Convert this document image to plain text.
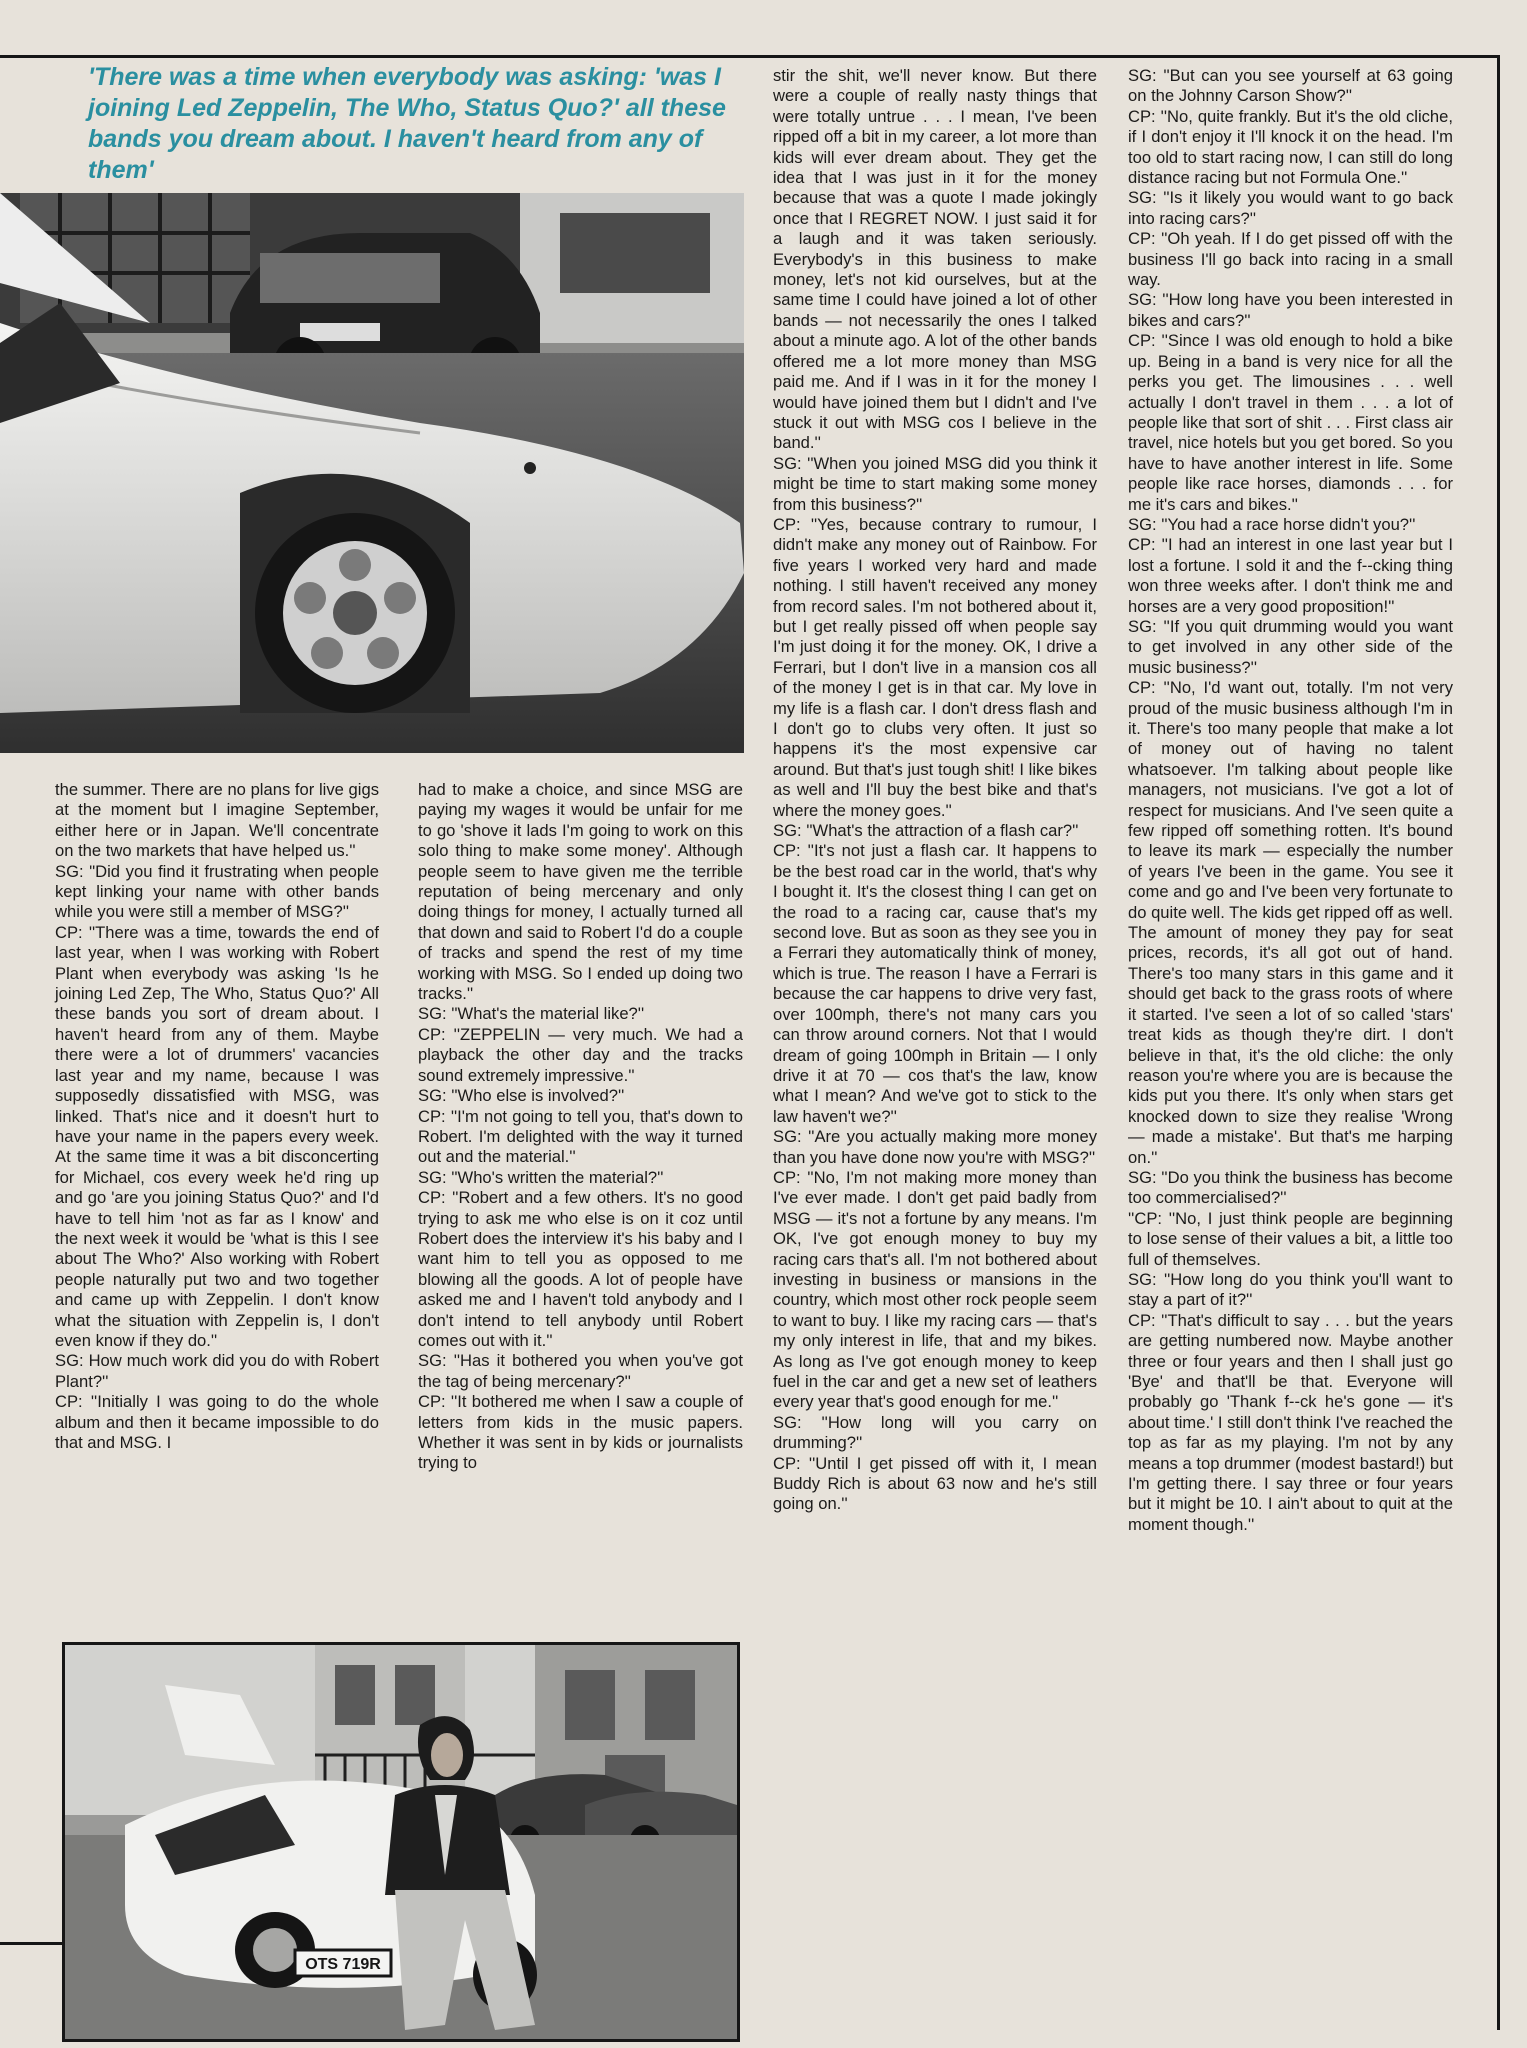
'There was a time when everybody was asking: 'was I joining Led Zeppelin, The Who, Status Quo?' all these bands you dream about. I haven't heard from any of them'

OTS 719R

the summer. There are no plans for live gigs at the moment but I imagine September, either here or in Japan. We'll concentrate on the two markets that have helped us.''

SG: "Did you find it frustrating when people kept linking your name with other bands while you were still a member of MSG?''

CP: ''There was a time, towards the end of last year, when I was working with Robert Plant when everybody was asking 'Is he joining Led Zep, The Who, Status Quo?' All these bands you sort of dream about. I haven't heard from any of them. Maybe there were a lot of drummers' vacancies last year and my name, because I was supposedly dissatisfied with MSG, was linked. That's nice and it doesn't hurt to have your name in the papers every week. At the same time it was a bit disconcerting for Michael, cos every week he'd ring up and go 'are you joining Status Quo?' and I'd have to tell him 'not as far as I know' and the next week it would be 'what is this I see about The Who?' Also working with Robert people naturally put two and two together and came up with Zeppelin. I don't know what the situation with Zeppelin is, I don't even know if they do.''

SG: How much work did you do with Robert Plant?''

CP: ''Initially I was going to do the whole album and then it became impossible to do that and MSG. I

had to make a choice, and since MSG are paying my wages it would be unfair for me to go 'shove it lads I'm going to work on this solo thing to make some money'. Although people seem to have given me the terrible reputation of being mercenary and only doing things for money, I actually turned all that down and said to Robert I'd do a couple of tracks and spend the rest of my time working with MSG. So I ended up doing two tracks.''

SG: ''What's the material like?''

CP: ''ZEPPELIN — very much. We had a playback the other day and the tracks sound extremely impressive.''

SG: ''Who else is involved?''

CP: ''I'm not going to tell you, that's down to Robert. I'm delighted with the way it turned out and the material.''

SG: ''Who's written the material?''

CP: ''Robert and a few others. It's no good trying to ask me who else is on it coz until Robert does the interview it's his baby and I want him to tell you as opposed to me blowing all the goods. A lot of people have asked me and I haven't told anybody and I don't intend to tell anybody until Robert comes out with it.''

SG: ''Has it bothered you when you've got the tag of being mercenary?''

CP: ''It bothered me when I saw a couple of letters from kids in the music papers. Whether it was sent in by kids or journalists trying to

stir the shit, we'll never know. But there were a couple of really nasty things that were totally untrue . . . I mean, I've been ripped off a bit in my career, a lot more than kids will ever dream about. They get the idea that I was just in it for the money because that was a quote I made jokingly once that I REGRET NOW. I just said it for a laugh and it was taken seriously. Everybody's in this business to make money, let's not kid ourselves, but at the same time I could have joined a lot of other bands — not necessarily the ones I talked about a minute ago. A lot of the other bands offered me a lot more money than MSG paid me. And if I was in it for the money I would have joined them but I didn't and I've stuck it out with MSG cos I believe in the band.''

SG: ''When you joined MSG did you think it might be time to start making some money from this business?''

CP: ''Yes, because contrary to rumour, I didn't make any money out of Rainbow. For five years I worked very hard and made nothing. I still haven't received any money from record sales. I'm not bothered about it, but I get really pissed off when people say I'm just doing it for the money. OK, I drive a Ferrari, but I don't live in a mansion cos all of the money I get is in that car. My love in my life is a flash car. I don't dress flash and I don't go to clubs very often. It just so happens it's the most expensive car around. But that's just tough shit! I like bikes as well and I'll buy the best bike and that's where the money goes.''

SG: ''What's the attraction of a flash car?''

CP: ''It's not just a flash car. It happens to be the best road car in the world, that's why I bought it. It's the closest thing I can get on the road to a racing car, cause that's my second love. But as soon as they see you in a Ferrari they automatically think of money, which is true. The reason I have a Ferrari is because the car happens to drive very fast, over 100mph, there's not many cars you can throw around corners. Not that I would dream of going 100mph in Britain — I only drive it at 70 — cos that's the law, know what I mean? And we've got to stick to the law haven't we?''

SG: ''Are you actually making more money than you have done now you're with MSG?''

CP: ''No, I'm not making more money than I've ever made. I don't get paid badly from MSG — it's not a fortune by any means. I'm OK, I've got enough money to buy my racing cars that's all. I'm not bothered about investing in business or mansions in the country, which most other rock people seem to want to buy. I like my racing cars — that's my only interest in life, that and my bikes. As long as I've got enough money to keep fuel in the car and get a new set of leathers every year that's good enough for me.''

SG: ''How long will you carry on drumming?''

CP: ''Until I get pissed off with it, I mean Buddy Rich is about 63 now and he's still going on.''

SG: ''But can you see yourself at 63 going on the Johnny Carson Show?''

CP: ''No, quite frankly. But it's the old cliche, if I don't enjoy it I'll knock it on the head. I'm too old to start racing now, I can still do long distance racing but not Formula One.''

SG: ''Is it likely you would want to go back into racing cars?''

CP: ''Oh yeah. If I do get pissed off with the business I'll go back into racing in a small way.

SG: ''How long have you been interested in bikes and cars?''

CP: ''Since I was old enough to hold a bike up. Being in a band is very nice for all the perks you get. The limousines . . . well actually I don't travel in them . . . a lot of people like that sort of shit . . . First class air travel, nice hotels but you get bored. So you have to have another interest in life. Some people like race horses, diamonds . . . for me it's cars and bikes.''

SG: ''You had a race horse didn't you?''

CP: ''I had an interest in one last year but I lost a fortune. I sold it and the f--cking thing won three weeks after. I don't think me and horses are a very good proposition!''

SG: ''If you quit drumming would you want to get involved in any other side of the music business?''

CP: ''No, I'd want out, totally. I'm not very proud of the music business although I'm in it. There's too many people that make a lot of money out of having no talent whatsoever. I'm talking about people like managers, not musicians. I've got a lot of respect for musicians. And I've seen quite a few ripped off something rotten. It's bound to leave its mark — especially the number of years I've been in the game. You see it come and go and I've been very fortunate to do quite well. The kids get ripped off as well. The amount of money they pay for seat prices, records, it's all got out of hand. There's too many stars in this game and it should get back to the grass roots of where it started. I've seen a lot of so called 'stars' treat kids as though they're dirt. I don't believe in that, it's the old cliche: the only reason you're where you are is because the kids put you there. It's only when stars get knocked down to size they realise 'Wrong — made a mistake'. But that's me harping on.''

SG: ''Do you think the business has become too commercialised?''

''CP: ''No, I just think people are beginning to lose sense of their values a bit, a little too full of themselves.

SG: ''How long do you think you'll want to stay a part of it?''

CP: ''That's difficult to say . . . but the years are getting numbered now. Maybe another three or four years and then I shall just go 'Bye' and that'll be that. Everyone will probably go 'Thank f--ck he's gone — it's about time.' I still don't think I've reached the top as far as my playing. I'm not by any means a top drummer (modest bastard!) but I'm getting there. I say three or four years but it might be 10. I ain't about to quit at the moment though.''
